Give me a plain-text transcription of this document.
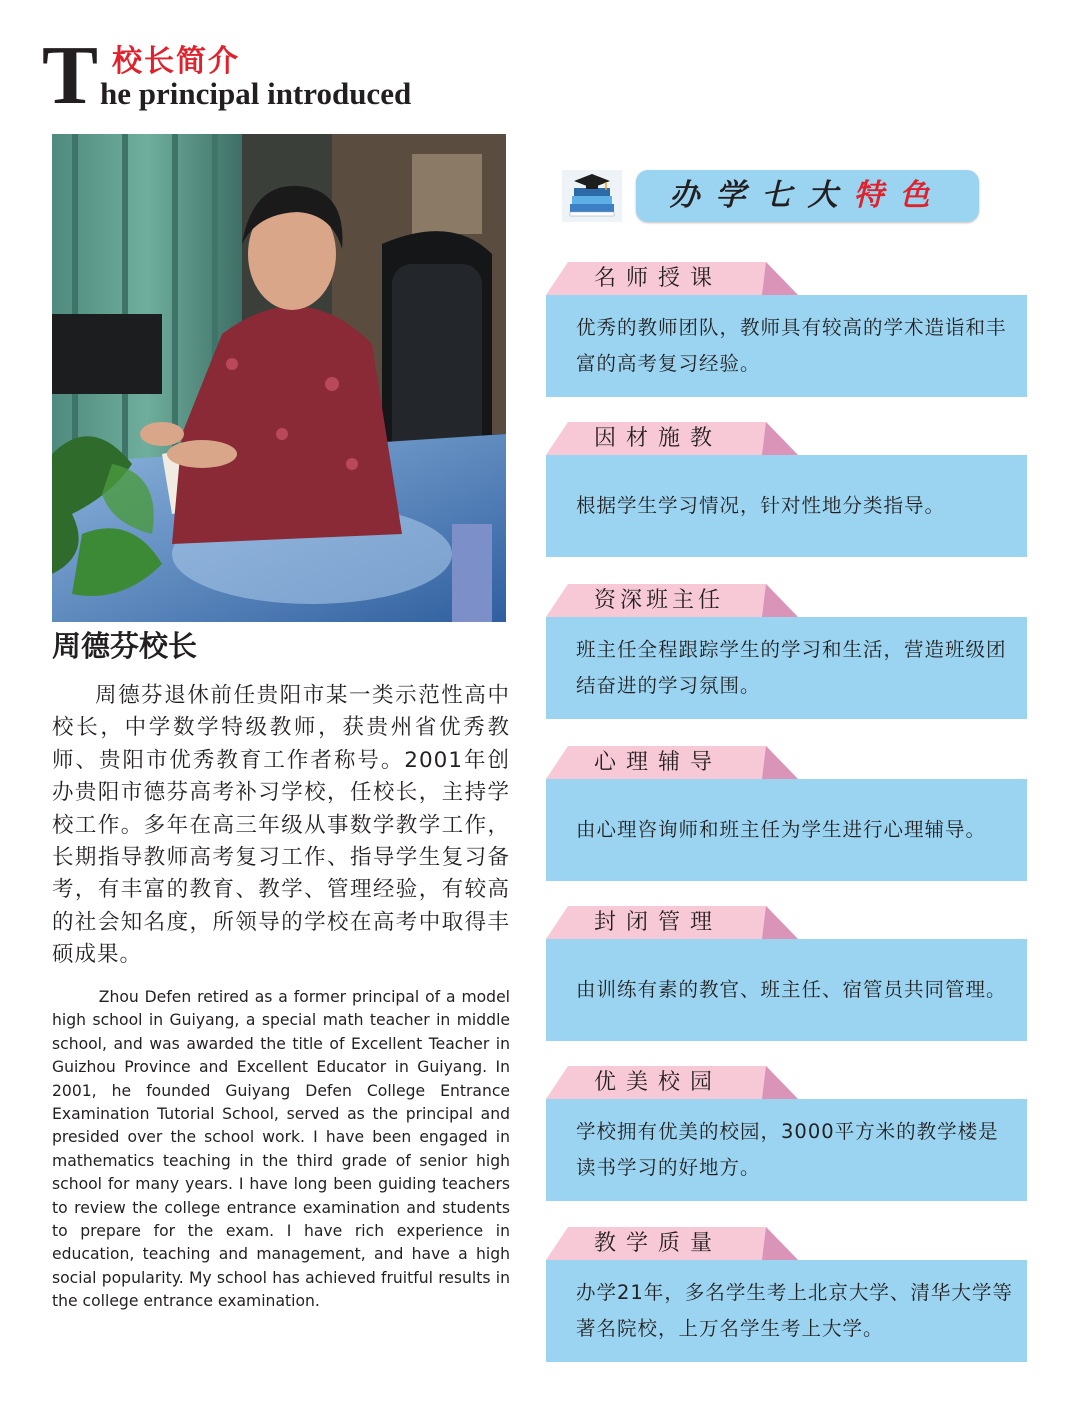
T 校长简介
he principal introduced
周德芬校长

周德芬退休前任贵阳市某一类示范性高中校长，中学数学特级教师，获贵州省优秀教师、贵阳市优秀教育工作者称号。2001年创办贵阳市德芬高考补习学校，任校长，主持学校工作。多年在高三年级从事数学教学工作，长期指导教师高考复习工作、指导学生复习备考，有丰富的教育、教学、管理经验，有较高的社会知名度，所领导的学校在高考中取得丰硕成果。

Zhou Defen retired as a former principal of a model high school in Guiyang, a special math teacher in middle school, and was awarded the title of Excellent Teacher in Guizhou Province and Excellent Educator in Guiyang. In 2001, he founded Guiyang Defen College Entrance Examination Tutorial School, served as the principal and presided over the school work. I have been engaged in mathematics teaching in the third grade of senior high school for many years. I have long been guiding teachers to review the college entrance examination and students to prepare for the exam. I have rich experience in education, teaching and management, and have a high social popularity. My school has achieved fruitful results in the college entrance examination.

办学七大特色
名师授课
优秀的教师团队，教师具有较高的学术造诣和丰富的高考复习经验。
因材施教
根据学生学习情况，针对性地分类指导。
资深班主任
班主任全程跟踪学生的学习和生活，营造班级团结奋进的学习氛围。
心理辅导
由心理咨询师和班主任为学生进行心理辅导。
封闭管理
由训练有素的教官、班主任、宿管员共同管理。
优美校园
学校拥有优美的校园，3000平方米的教学楼是读书学习的好地方。
教学质量
办学21年，多名学生考上北京大学、清华大学等著名院校，上万名学生考上大学。
